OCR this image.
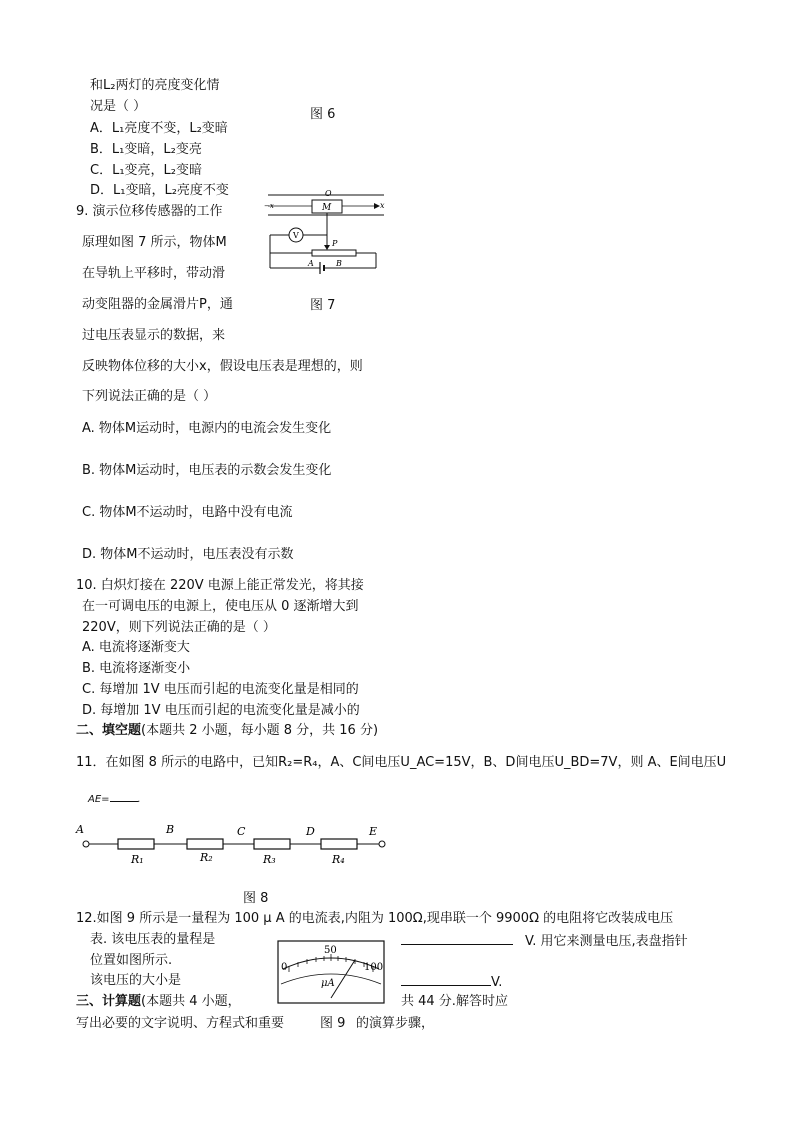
和L₂两灯的亮度变化情
况是（ ）
图 6
A．L₁亮度不变，L₂变暗
B．L₁变暗，L₂变亮
C．L₁变亮，L₂变暗
D．L₁变暗，L₂亮度不变
9. 演示位移传感器的工作
原理如图 7 所示，物体M
在导轨上平移时，带动滑
动变阻器的金属滑片P，通
过电压表显示的数据，来
反映物体位移的大小x，假设电压表是理想的，则
下列说法正确的是（ ）
M
O
−x	x
V
P
A	B
图 7
A. 物体M运动时，电源内的电流会发生变化
B. 物体M运动时，电压表的示数会发生变化
C. 物体M不运动时，电路中没有电流
D. 物体M不运动时，电压表没有示数
10. 白炽灯接在 220V 电源上能正常发光，将其接
在一可调电压的电源上，使电压从 0 逐渐增大到
220V，则下列说法正确的是（ ）
A. 电流将逐渐变大
B. 电流将逐渐变小
C. 每增加 1V 电压而引起的电流变化量是相同的
D. 每增加 1V 电压而引起的电流变化量是减小的
二、填空题(本题共 2 小题，每小题 8 分，共 16 分)
11．在如图 8 所示的电路中，已知R₂=R₄，A、C间电压U_AC=15V，B、D间电压U_BD=7V，则 A、E间电压U
AE=	.
A	B	C	D	E
R₁	R₂	R₃	R₄
图 8
12.如图 9 所示是一量程为 100 μ A 的电流表,内阻为 100Ω,现串联一个 9900Ω 的电阻将它改装成电压
表. 该电压表的量程是	V. 用它来测量电压,表盘指针
位置如图所示.
该电压的大小是	V.
0
50
100
μA
三、计算题(本题共 4 小题，	共 44 分.解答时应
写出必要的文字说明、方程式和重要	图 9 的演算步骤，
